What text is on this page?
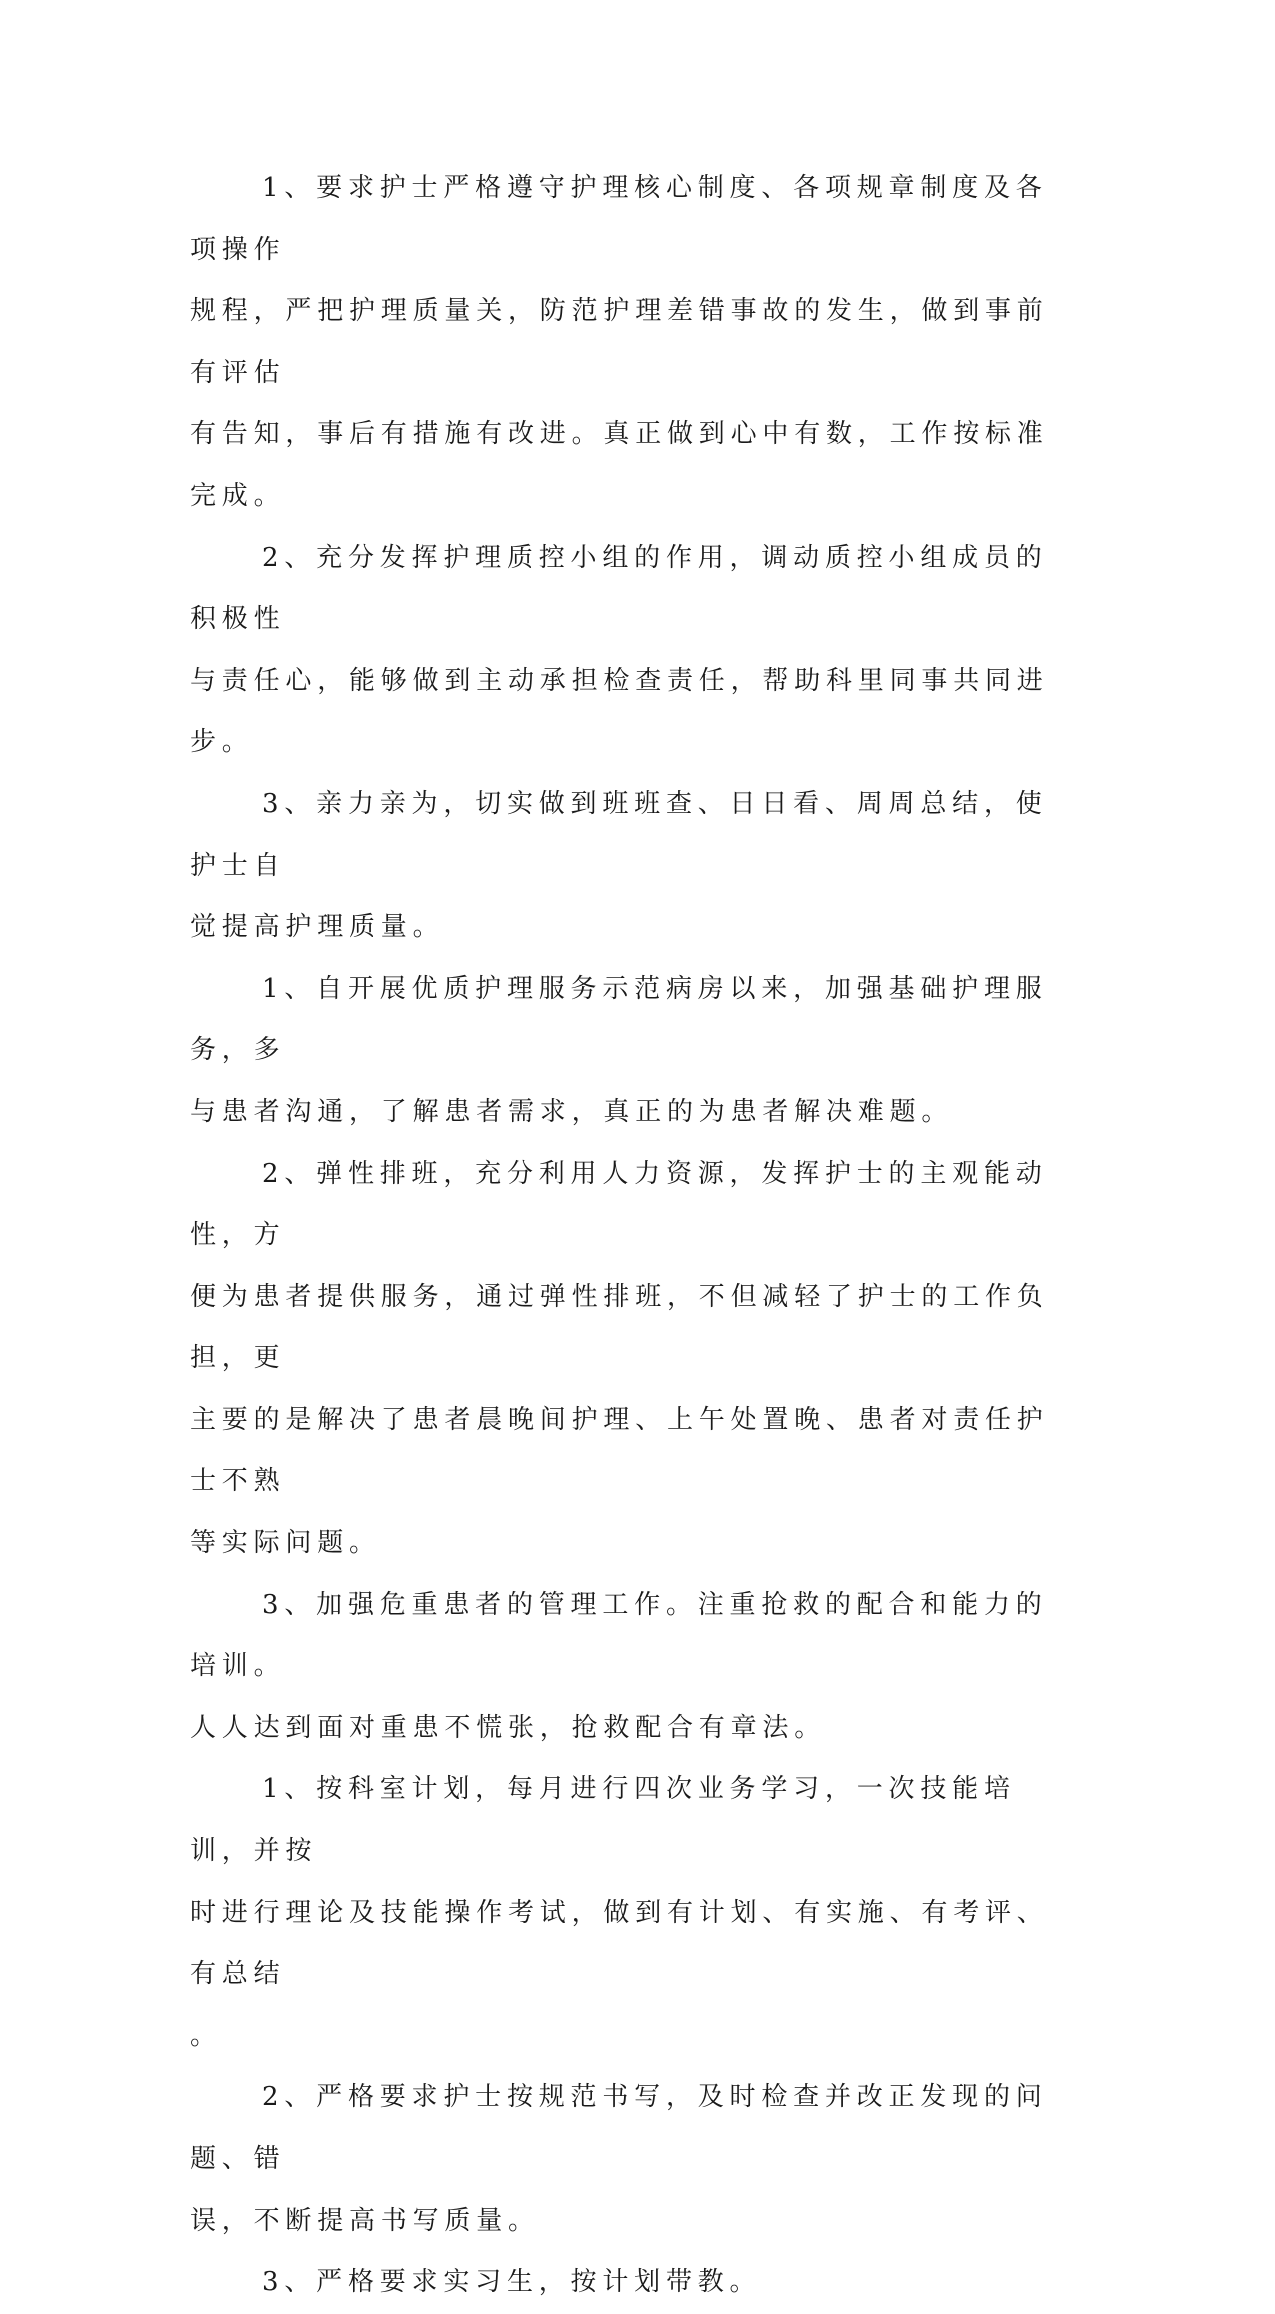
1、要求护士严格遵守护理核心制度、各项规章制度及各项操作
规程，严把护理质量关，防范护理差错事故的发生，做到事前有评估
有告知，事后有措施有改进。真正做到心中有数，工作按标准完成。

2、充分发挥护理质控小组的作用，调动质控小组成员的积极性
与责任心，能够做到主动承担检查责任，帮助科里同事共同进步。

3、亲力亲为，切实做到班班查、日日看、周周总结，使护士自
觉提高护理质量。

1、自开展优质护理服务示范病房以来，加强基础护理服务，多
与患者沟通，了解患者需求，真正的为患者解决难题。

2、弹性排班，充分利用人力资源，发挥护士的主观能动性，方
便为患者提供服务，通过弹性排班，不但减轻了护士的工作负担，更
主要的是解决了患者晨晚间护理、上午处置晚、患者对责任护士不熟
等实际问题。

3、加强危重患者的管理工作。注重抢救的配合和能力的培训。
人人达到面对重患不慌张，抢救配合有章法。

1、按科室计划，每月进行四次业务学习，一次技能培训，并按
时进行理论及技能操作考试，做到有计划、有实施、有考评、有总结
。

2、严格要求护士按规范书写，及时检查并改正发现的问题、错
误，不断提高书写质量。

3、严格要求实习生，按计划带教。
